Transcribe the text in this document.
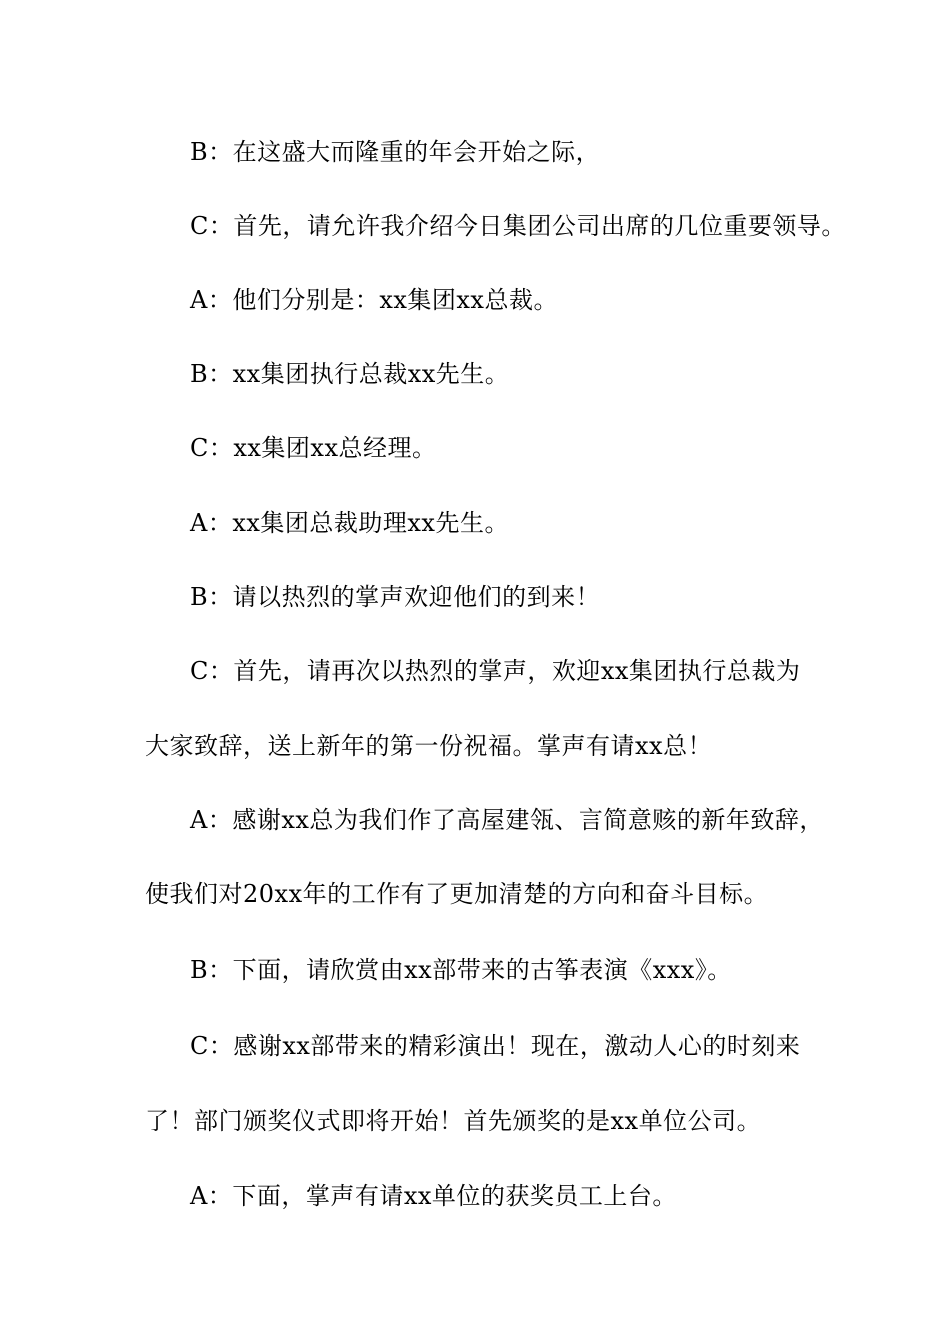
B：在这盛大而隆重的年会开始之际，
C：首先，请允许我介绍今日集团公司出席的几位重要领导。
A：他们分别是：xx集团xx总裁。
B：xx集团执行总裁xx先生。
C：xx集团xx总经理。
A：xx集团总裁助理xx先生。
B：请以热烈的掌声欢迎他们的到来！
C：首先，请再次以热烈的掌声，欢迎xx集团执行总裁为
大家致辞，送上新年的第一份祝福。掌声有请xx总！
A：感谢xx总为我们作了高屋建瓴、言简意赅的新年致辞，
使我们对20xx年的工作有了更加清楚的方向和奋斗目标。
B：下面，请欣赏由xx部带来的古筝表演《xxx》。
C：感谢xx部带来的精彩演出！现在，激动人心的时刻来
了！部门颁奖仪式即将开始！首先颁奖的是xx单位公司。
A：下面，掌声有请xx单位的获奖员工上台。
